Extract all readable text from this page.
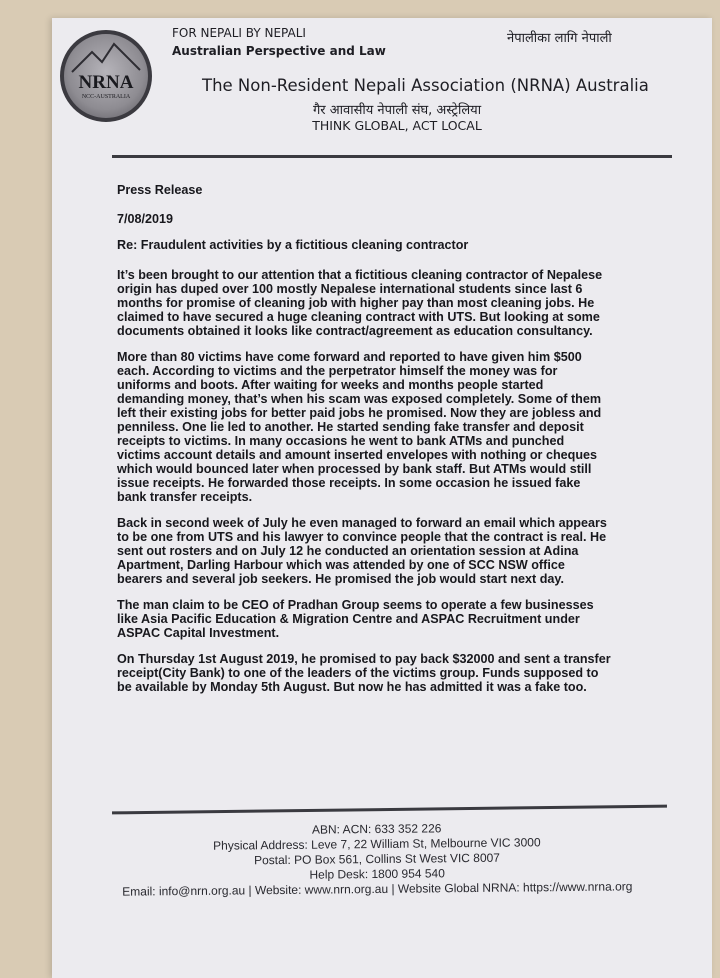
NRNA
NCC-AUSTRALIA
FOR NEPALI BY NEPALI
Australian Perspective and Law
नेपालीका लागि नेपाली
The Non-Resident Nepali Association (NRNA) Australia
गैर आवासीय नेपाली संघ, अस्ट्रेलिया
THINK GLOBAL, ACT LOCAL
Press Release
7/08/2019
Re: Fraudulent activities by a fictitious cleaning contractor
It’s been brought to our attention that a fictitious cleaning contractor of Nepalese
origin has duped over 100 mostly Nepalese international students since last 6
months for promise of cleaning job with higher pay than most cleaning jobs. He
claimed to have secured a huge cleaning contract with UTS. But looking at some
documents obtained it looks like contract/agreement as education consultancy.
More than 80 victims have come forward and reported to have given him $500
each. According to victims and the perpetrator himself the money was for
uniforms and boots. After waiting for weeks and months people started
demanding money, that’s when his scam was exposed completely. Some of them
left their existing jobs for better paid jobs he promised. Now they are jobless and
penniless. One lie led to another. He started sending fake transfer and deposit
receipts to victims. In many occasions he went to bank ATMs and punched
victims account details and amount inserted envelopes with nothing or cheques
which would bounced later when processed by bank staff. But ATMs would still
issue receipts. He forwarded those receipts. In some occasion he issued fake
bank transfer receipts.
Back in second week of July he even managed to forward an email which appears
to be one from UTS and his lawyer to convince people that the contract is real. He
sent out rosters and on July 12 he conducted an orientation session at Adina
Apartment, Darling Harbour which was attended by one of SCC NSW office
bearers and several job seekers. He promised the job would start next day.
The man claim to be CEO of Pradhan Group seems to operate a few businesses
like Asia Pacific Education & Migration Centre and ASPAC Recruitment under
ASPAC Capital Investment.
On Thursday 1st August 2019, he promised to pay back $32000 and sent a transfer
receipt(City Bank) to one of the leaders of the victims group. Funds supposed to
be available by Monday 5th August. But now he has admitted it was a fake too.
ABN: ACN: 633 352 226
Physical Address: Leve 7, 22 William St, Melbourne VIC 3000
Postal: PO Box 561, Collins St West VIC 8007
Help Desk: 1800 954 540
Email: info@nrn.org.au | Website: www.nrn.org.au | Website Global NRNA: https://www.nrna.org
